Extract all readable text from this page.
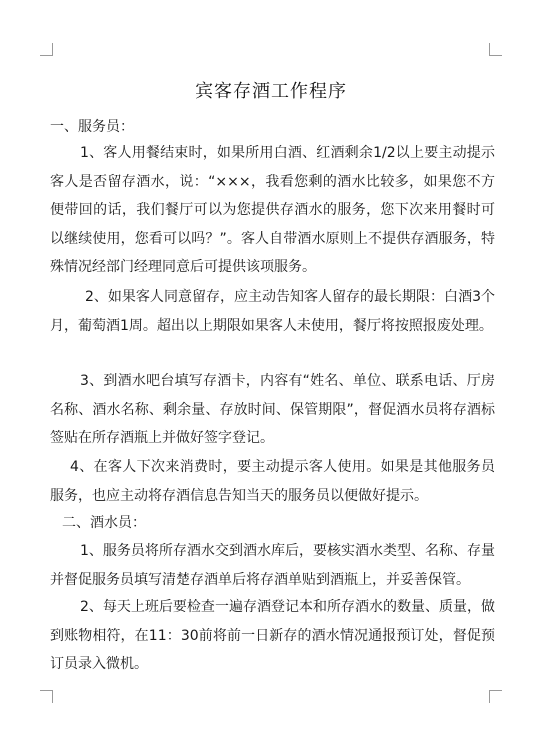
宾客存酒工作程序
一、服务员：
1、客人用餐结束时，如果所用白酒、红酒剩余1/2以上要主动提示客人是否留存酒水，说：“×××，我看您剩的酒水比较多，如果您不方便带回的话，我们餐厅可以为您提供存酒水的服务，您下次来用餐时可以继续使用，您看可以吗？”。客人自带酒水原则上不提供存酒服务，特殊情况经部门经理同意后可提供该项服务。
2、如果客人同意留存，应主动告知客人留存的最长期限：白酒3个月，葡萄酒1周。超出以上期限如果客人未使用，餐厅将按照报废处理。
3、到酒水吧台填写存酒卡，内容有“姓名、单位、联系电话、厅房名称、酒水名称、剩余量、存放时间、保管期限”，督促酒水员将存酒标签贴在所存酒瓶上并做好签字登记。
4、在客人下次来消费时，要主动提示客人使用。如果是其他服务员服务，也应主动将存酒信息告知当天的服务员以便做好提示。
二、酒水员：
1、服务员将所存酒水交到酒水库后，要核实酒水类型、名称、存量并督促服务员填写清楚存酒单后将存酒单贴到酒瓶上，并妥善保管。
2、每天上班后要检查一遍存酒登记本和所存酒水的数量、质量，做到账物相符，在11：30前将前一日新存的酒水情况通报预订处，督促预订员录入微机。
